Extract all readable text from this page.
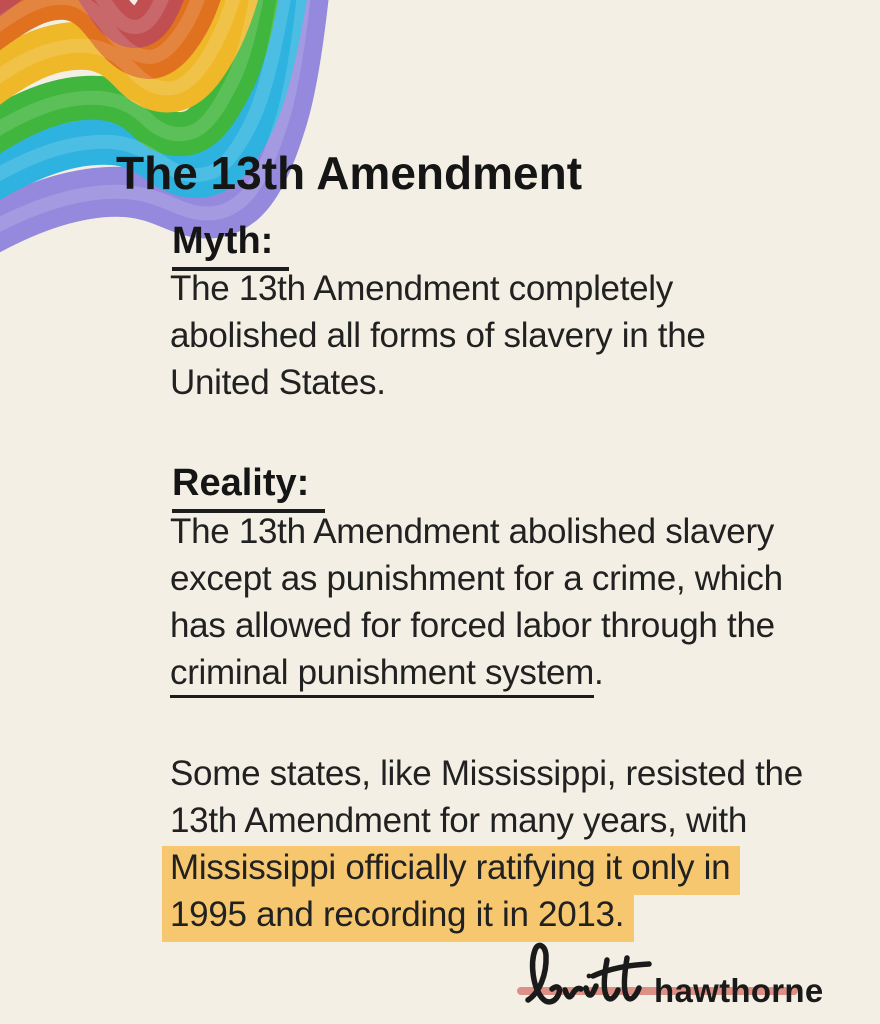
The 13th Amendment
Myth:
The 13th Amendment completely
abolished all forms of slavery in the
United States.
Reality:
The 13th Amendment abolished slavery
except as punishment for a crime, which
has allowed for forced labor through the
criminal punishment system.
Some states, like Mississippi, resisted the
13th Amendment for many years, with
Mississippi officially ratifying it only in
1995 and recording it in 2013.
hawthorne
